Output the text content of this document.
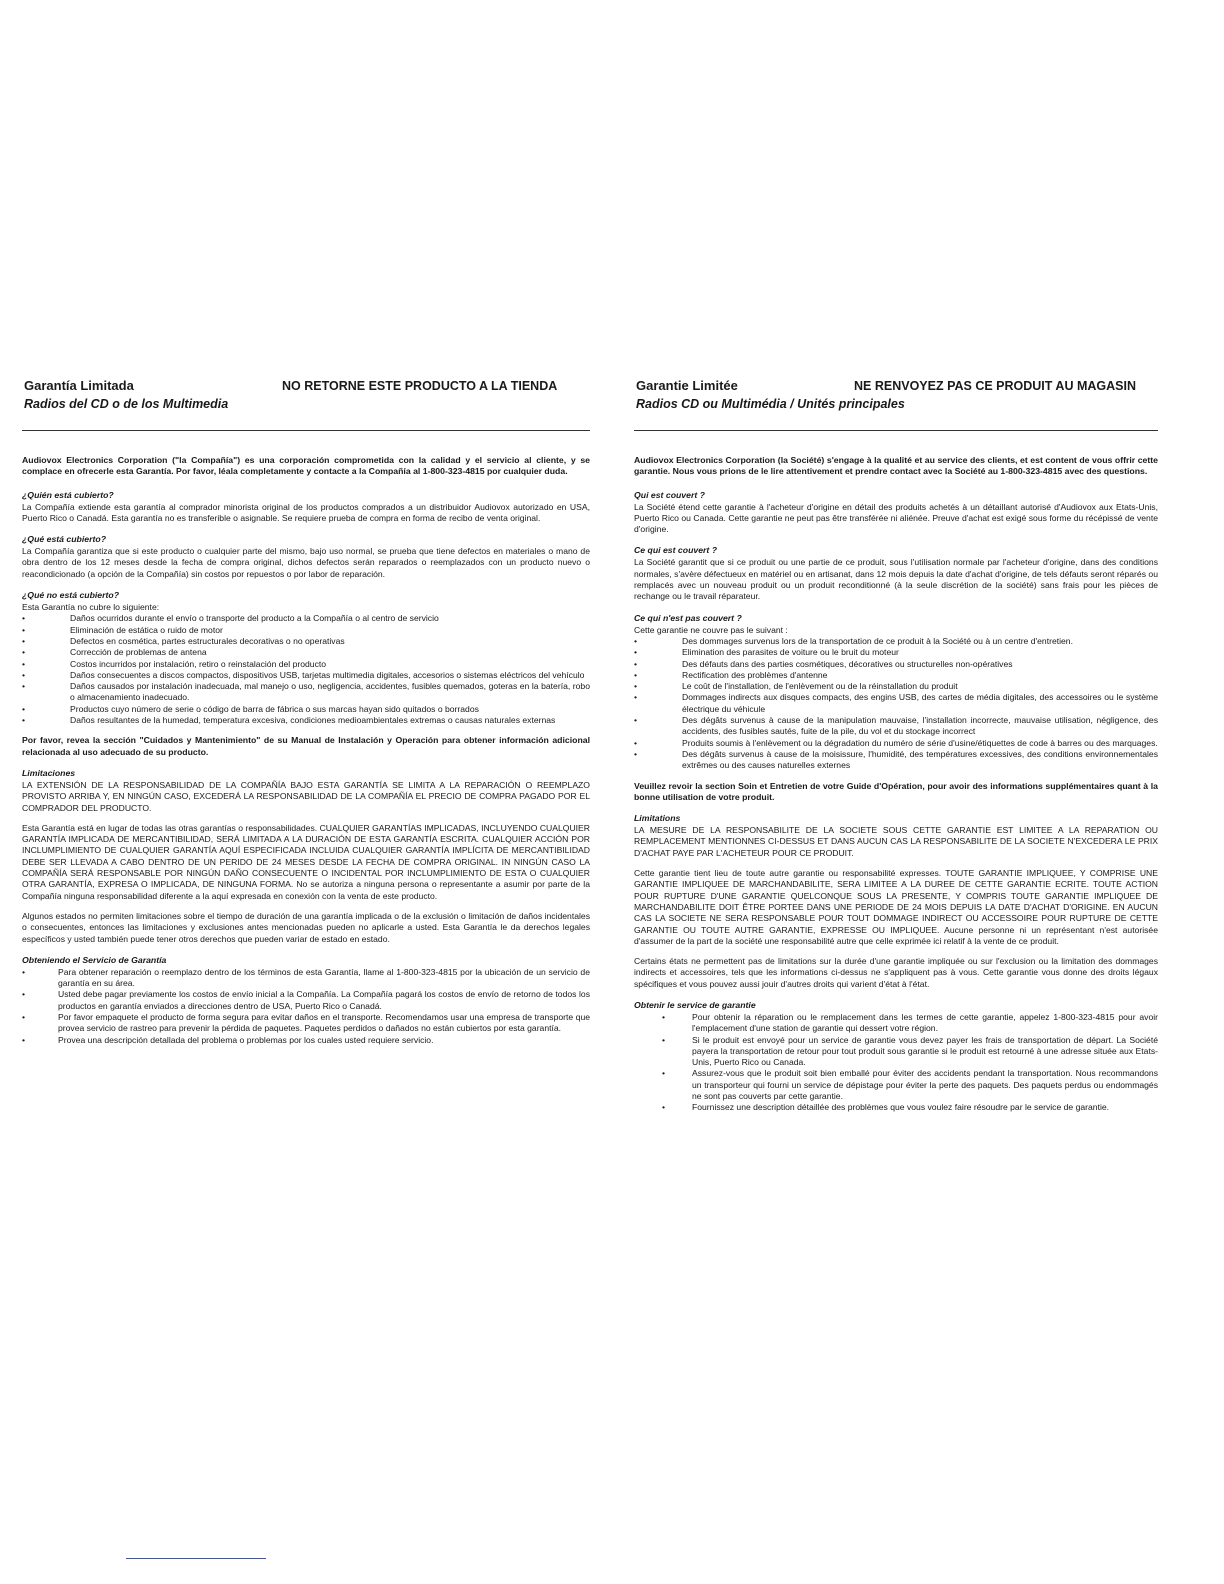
Garantía Limitada	NO RETORNE ESTE PRODUCTO A LA TIENDA
Radios del CD o de los Multimedia

Audiovox Electronics Corporation ("la Compañía") es una corporación comprometida con la calidad y el servicio al cliente, y se complace en ofrecerle esta Garantía. Por favor, léala completamente y contacte a la Compañía al 1-800-323-4815 por cualquier duda.

¿Quién está cubierto?

La Compañía extiende esta garantía al comprador minorista original de los productos comprados a un distribuidor Audiovox autorizado en USA, Puerto Rico o Canadá. Esta garantía no es transferible o asignable. Se requiere prueba de compra en forma de recibo de venta original.

¿Qué está cubierto?

La Compañía garantiza que si este producto o cualquier parte del mismo, bajo uso normal, se prueba que tiene defectos en materiales o mano de obra dentro de los 12 meses desde la fecha de compra original, dichos defectos serán reparados o reemplazados con un producto nuevo o reacondicionado (a opción de la Compañía) sin costos por repuestos o por labor de reparación.

¿Qué no está cubierto?

Esta Garantía no cubre lo siguiente:

• Daños ocurridos durante el envío o transporte del producto a la Compañía o al centro de servicio
• Eliminación de estática o ruido de motor
• Defectos en cosmética, partes estructurales decorativas o no operativas
• Corrección de problemas de antena
• Costos incurridos por instalación, retiro o reinstalación del producto
• Daños consecuentes a discos compactos, dispositivos USB, tarjetas multimedia digitales, accesorios o sistemas eléctricos del vehículo
• Daños causados por instalación inadecuada, mal manejo o uso, negligencia, accidentes, fusibles quemados, goteras en la batería, robo o almacenamiento inadecuado.
• Productos cuyo número de serie o código de barra de fábrica o sus marcas hayan sido quitados o borrados
• Daños resultantes de la humedad, temperatura excesiva, condiciones medioambientales extremas o causas naturales externas

Por favor, revea la sección "Cuidados y Mantenimiento" de su Manual de Instalación y Operación para obtener información adicional relacionada al uso adecuado de su producto.

Limitaciones

LA EXTENSIÓN DE LA RESPONSABILIDAD DE LA COMPAÑÍA BAJO ESTA GARANTÍA SE LIMITA A LA REPARACIÓN O REEMPLAZO PROVISTO ARRIBA Y, EN NINGÚN CASO, EXCEDERÁ LA RESPONSABILIDAD DE LA COMPAÑÍA EL PRECIO DE COMPRA PAGADO POR EL COMPRADOR DEL PRODUCTO.

Esta Garantía está en lugar de todas las otras garantías o responsabilidades. CUALQUIER GARANTÍAS IMPLICADAS, INCLUYENDO CUALQUIER GARANTÍA IMPLICADA DE MERCANTIBILIDAD, SERÁ LIMITADA A LA DURACIÓN DE ESTA GARANTÍA ESCRITA. CUALQUIER ACCIÓN POR INCLUMPLIMIENTO DE CUALQUIER GARANTÍA AQUÍ ESPECIFICADA INCLUIDA CUALQUIER GARANTÍA IMPLÍCITA DE MERCANTIBILIDAD DEBE SER LLEVADA A CABO DENTRO DE UN PERIDO DE 24 MESES DESDE LA FECHA DE COMPRA ORIGINAL. IN NINGÚN CASO LA COMPAÑÍA SERÁ RESPONSABLE POR NINGÚN DAÑO CONSECUENTE O INCIDENTAL POR INCLUMPLIMIENTO DE ESTA O CUALQUIER OTRA GARANTÍA, EXPRESA O IMPLICADA, DE NINGUNA FORMA. No se autoriza a ninguna persona o representante a asumir por parte de la Compañía ninguna responsabilidad diferente a la aquí expresada en conexión con la venta de este producto.

Algunos estados no permiten limitaciones sobre el tiempo de duración de una garantía implicada o de la exclusión o limitación de daños incidentales o consecuentes, entonces las limitaciones y exclusiones antes mencionadas pueden no aplicarle a usted. Esta Garantía le da derechos legales específicos y usted también puede tener otros derechos que pueden variar de estado en estado.

Obteniendo el Servicio de Garantía
• Para obtener reparación o reemplazo dentro de los términos de esta Garantía, llame al 1-800-323-4815 por la ubicación de un servicio de garantía en su área.
• Usted debe pagar previamente los costos de envío inicial a la Compañía. La Compañía pagará los costos de envío de retorno de todos los productos en garantía enviados a direcciones dentro de USA, Puerto Rico o Canadá.
• Por favor empaquete el producto de forma segura para evitar daños en el transporte. Recomendamos usar una empresa de transporte que provea servicio de rastreo para prevenir la pérdida de paquetes. Paquetes perdidos o dañados no están cubiertos por esta garantía.
• Provea una descripción detallada del problema o problemas por los cuales usted requiere servicio.
Garantie Limitée	NE RENVOYEZ PAS CE PRODUIT AU MAGASIN
Radios CD ou Multimédia / Unités principales

Audiovox Electronics Corporation (la Société) s'engage à la qualité et au service des clients, et est content de vous offrir cette garantie. Nous vous prions de le lire attentivement et prendre contact avec la Société au 1-800-323-4815 avec des questions.

Qui est couvert ?

La Société étend cette garantie à l'acheteur d'origine en détail des produits achetés à un détaillant autorisé d'Audiovox aux Etats-Unis, Puerto Rico ou Canada. Cette garantie ne peut pas être transférée ni aliénée. Preuve d'achat est exigé sous forme du récépissé de vente d'origine.

Ce qui est couvert ?

La Société garantit que si ce produit ou une partie de ce produit, sous l'utilisation normale par l'acheteur d'origine, dans des conditions normales, s'avère défectueux en matériel ou en artisanat, dans 12 mois depuis la date d'achat d'origine, de tels défauts seront réparés ou remplacés avec un nouveau produit ou un produit reconditionné (à la seule discrétion de la société) sans frais pour les pièces de rechange ou le travail réparateur.

Ce qui n'est pas couvert ?

Cette garantie ne couvre pas le suivant :

• Des dommages survenus lors de la transportation de ce produit à la Société ou à un centre d'entretien.
• Elimination des parasites de voiture ou le bruit du moteur
• Des défauts dans des parties cosmétiques, décoratives ou structurelles non-opératives
• Rectification des problèmes d'antenne
• Le coût de l'installation, de l'enlèvement ou de la réinstallation du produit
• Dommages indirects aux disques compacts, des engins USB, des cartes de média digitales, des accessoires ou le système électrique du véhicule
• Des dégâts survenus à cause de la manipulation mauvaise, l'installation incorrecte, mauvaise utilisation, négligence, des accidents, des fusibles sautés, fuite de la pile, du vol et du stockage incorrect
• Produits soumis à l'enlèvement ou la dégradation du numéro de série d'usine/étiquettes de code à barres ou des marquages.
• Des dégâts survenus à cause de la moisissure, l'humidité, des températures excessives, des conditions environnementales extrêmes ou des causes naturelles externes

Veuillez revoir la section Soin et Entretien de votre Guide d'Opération, pour avoir des informations supplémentaires quant à la bonne utilisation de votre produit.

Limitations

LA MESURE DE LA RESPONSABILITE DE LA SOCIETE SOUS CETTE GARANTIE EST LIMITEE A LA REPARATION OU REMPLACEMENT MENTIONNES CI-DESSUS ET DANS AUCUN CAS LA RESPONSABILITE DE LA SOCIETE N'EXCEDERA LE PRIX D'ACHAT PAYE PAR L'ACHETEUR POUR CE PRODUIT.

Cette garantie tient lieu de toute autre garantie ou responsabilité expresses. TOUTE GARANTIE IMPLIQUEE, Y COMPRISE UNE GARANTIE IMPLIQUEE DE MARCHANDABILITE, SERA LIMITEE A LA DUREE DE CETTE GARANTIE ECRITE. TOUTE ACTION POUR RUPTURE D'UNE GARANTIE QUELCONQUE SOUS LA PRESENTE, Y COMPRIS TOUTE GARANTIE IMPLIQUEE DE MARCHANDABILITE DOIT ÊTRE PORTEE DANS UNE PERIODE DE 24 MOIS DEPUIS LA DATE D'ACHAT D'ORIGINE. EN AUCUN CAS LA SOCIETE NE SERA RESPONSABLE POUR TOUT DOMMAGE INDIRECT OU ACCESSOIRE POUR RUPTURE DE CETTE GARANTIE OU TOUTE AUTRE GARANTIE, EXPRESSE OU IMPLIQUEE. Aucune personne ni un représentant n'est autorisée d'assumer de la part de la société une responsabilité autre que celle exprimée ici relatif à la vente de ce produit.

Certains états ne permettent pas de limitations sur la durée d'une garantie impliquée ou sur l'exclusion ou la limitation des dommages indirects et accessoires, tels que les informations ci-dessus ne s'appliquent pas à vous. Cette garantie vous donne des droits légaux spécifiques et vous pouvez aussi jouir d'autres droits qui varient d'état à l'état.

Obtenir le service de garantie
• Pour obtenir la réparation ou le remplacement dans les termes de cette garantie, appelez 1-800-323-4815 pour avoir l'emplacement d'une station de garantie qui dessert votre région.
• Si le produit est envoyé pour un service de garantie vous devez payer les frais de transportation de départ. La Société payera la transportation de retour pour tout produit sous garantie si le produit est retourné à une adresse située aux Etats-Unis, Puerto Rico ou Canada.
• Assurez-vous que le produit soit bien emballé pour éviter des accidents pendant la transportation. Nous recommandons un transporteur qui fourni un service de dépistage pour éviter la perte des paquets. Des paquets perdus ou endommagés ne sont pas couverts par cette garantie.
• Fournissez une description détaillée des problèmes que vous voulez faire résoudre par le service de garantie.
